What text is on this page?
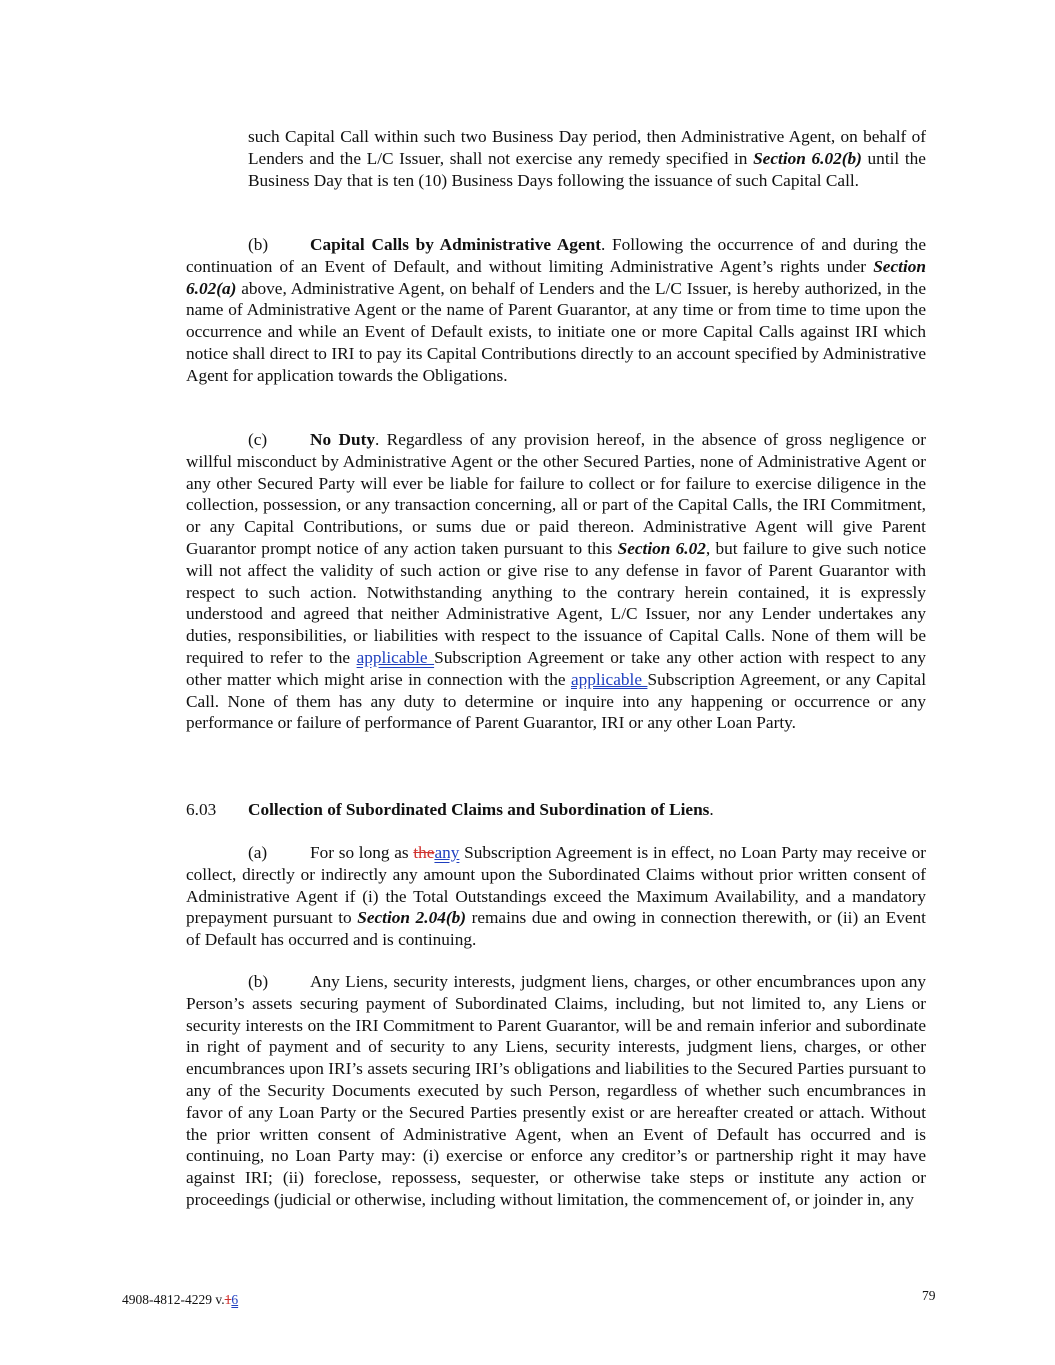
such Capital Call within such two Business Day period, then Administrative Agent, on behalf of Lenders and the L/C Issuer, shall not exercise any remedy specified in Section 6.02(b) until the Business Day that is ten (10) Business Days following the issuance of such Capital Call.

(b) Capital Calls by Administrative Agent. Following the occurrence of and during the continuation of an Event of Default, and without limiting Administrative Agent’s rights under Section 6.02(a) above, Administrative Agent, on behalf of Lenders and the L/C Issuer, is hereby authorized, in the name of Administrative Agent or the name of Parent Guarantor, at any time or from time to time upon the occurrence and while an Event of Default exists, to initiate one or more Capital Calls against IRI which notice shall direct to IRI to pay its Capital Contributions directly to an account specified by Administrative Agent for application towards the Obligations.

(c) No Duty. Regardless of any provision hereof, in the absence of gross negligence or willful misconduct by Administrative Agent or the other Secured Parties, none of Administrative Agent or any other Secured Party will ever be liable for failure to collect or for failure to exercise diligence in the collection, possession, or any transaction concerning, all or part of the Capital Calls, the IRI Commitment, or any Capital Contributions, or sums due or paid thereon. Administrative Agent will give Parent Guarantor prompt notice of any action taken pursuant to this Section 6.02, but failure to give such notice will not affect the validity of such action or give rise to any defense in favor of Parent Guarantor with respect to such action. Notwithstanding anything to the contrary herein contained, it is expressly understood and agreed that neither Administrative Agent, L/C Issuer, nor any Lender undertakes any duties, responsibilities, or liabilities with respect to the issuance of Capital Calls. None of them will be required to refer to the applicable Subscription Agreement or take any other action with respect to any other matter which might arise in connection with the applicable Subscription Agreement, or any Capital Call. None of them has any duty to determine or inquire into any happening or occurrence or any performance or failure of performance of Parent Guarantor, IRI or any other Loan Party.

6.03 Collection of Subordinated Claims and Subordination of Liens.

(a) For so long as theany Subscription Agreement is in effect, no Loan Party may receive or collect, directly or indirectly any amount upon the Subordinated Claims without prior written consent of Administrative Agent if (i) the Total Outstandings exceed the Maximum Availability, and a mandatory prepayment pursuant to Section 2.04(b) remains due and owing in connection therewith, or (ii) an Event of Default has occurred and is continuing.

(b) Any Liens, security interests, judgment liens, charges, or other encumbrances upon any Person’s assets securing payment of Subordinated Claims, including, but not limited to, any Liens or security interests on the IRI Commitment to Parent Guarantor, will be and remain inferior and subordinate in right of payment and of security to any Liens, security interests, judgment liens, charges, or other encumbrances upon IRI’s assets securing IRI’s obligations and liabilities to the Secured Parties pursuant to any of the Security Documents executed by such Person, regardless of whether such encumbrances in favor of any Loan Party or the Secured Parties presently exist or are hereafter created or attach. Without the prior written consent of Administrative Agent, when an Event of Default has occurred and is continuing, no Loan Party may: (i) exercise or enforce any creditor’s or partnership right it may have against IRI; (ii) foreclose, repossess, sequester, or otherwise take steps or institute any action or proceedings (judicial or otherwise, including without limitation, the commencement of, or joinder in, any

4908-4812-4229 v.16	79
